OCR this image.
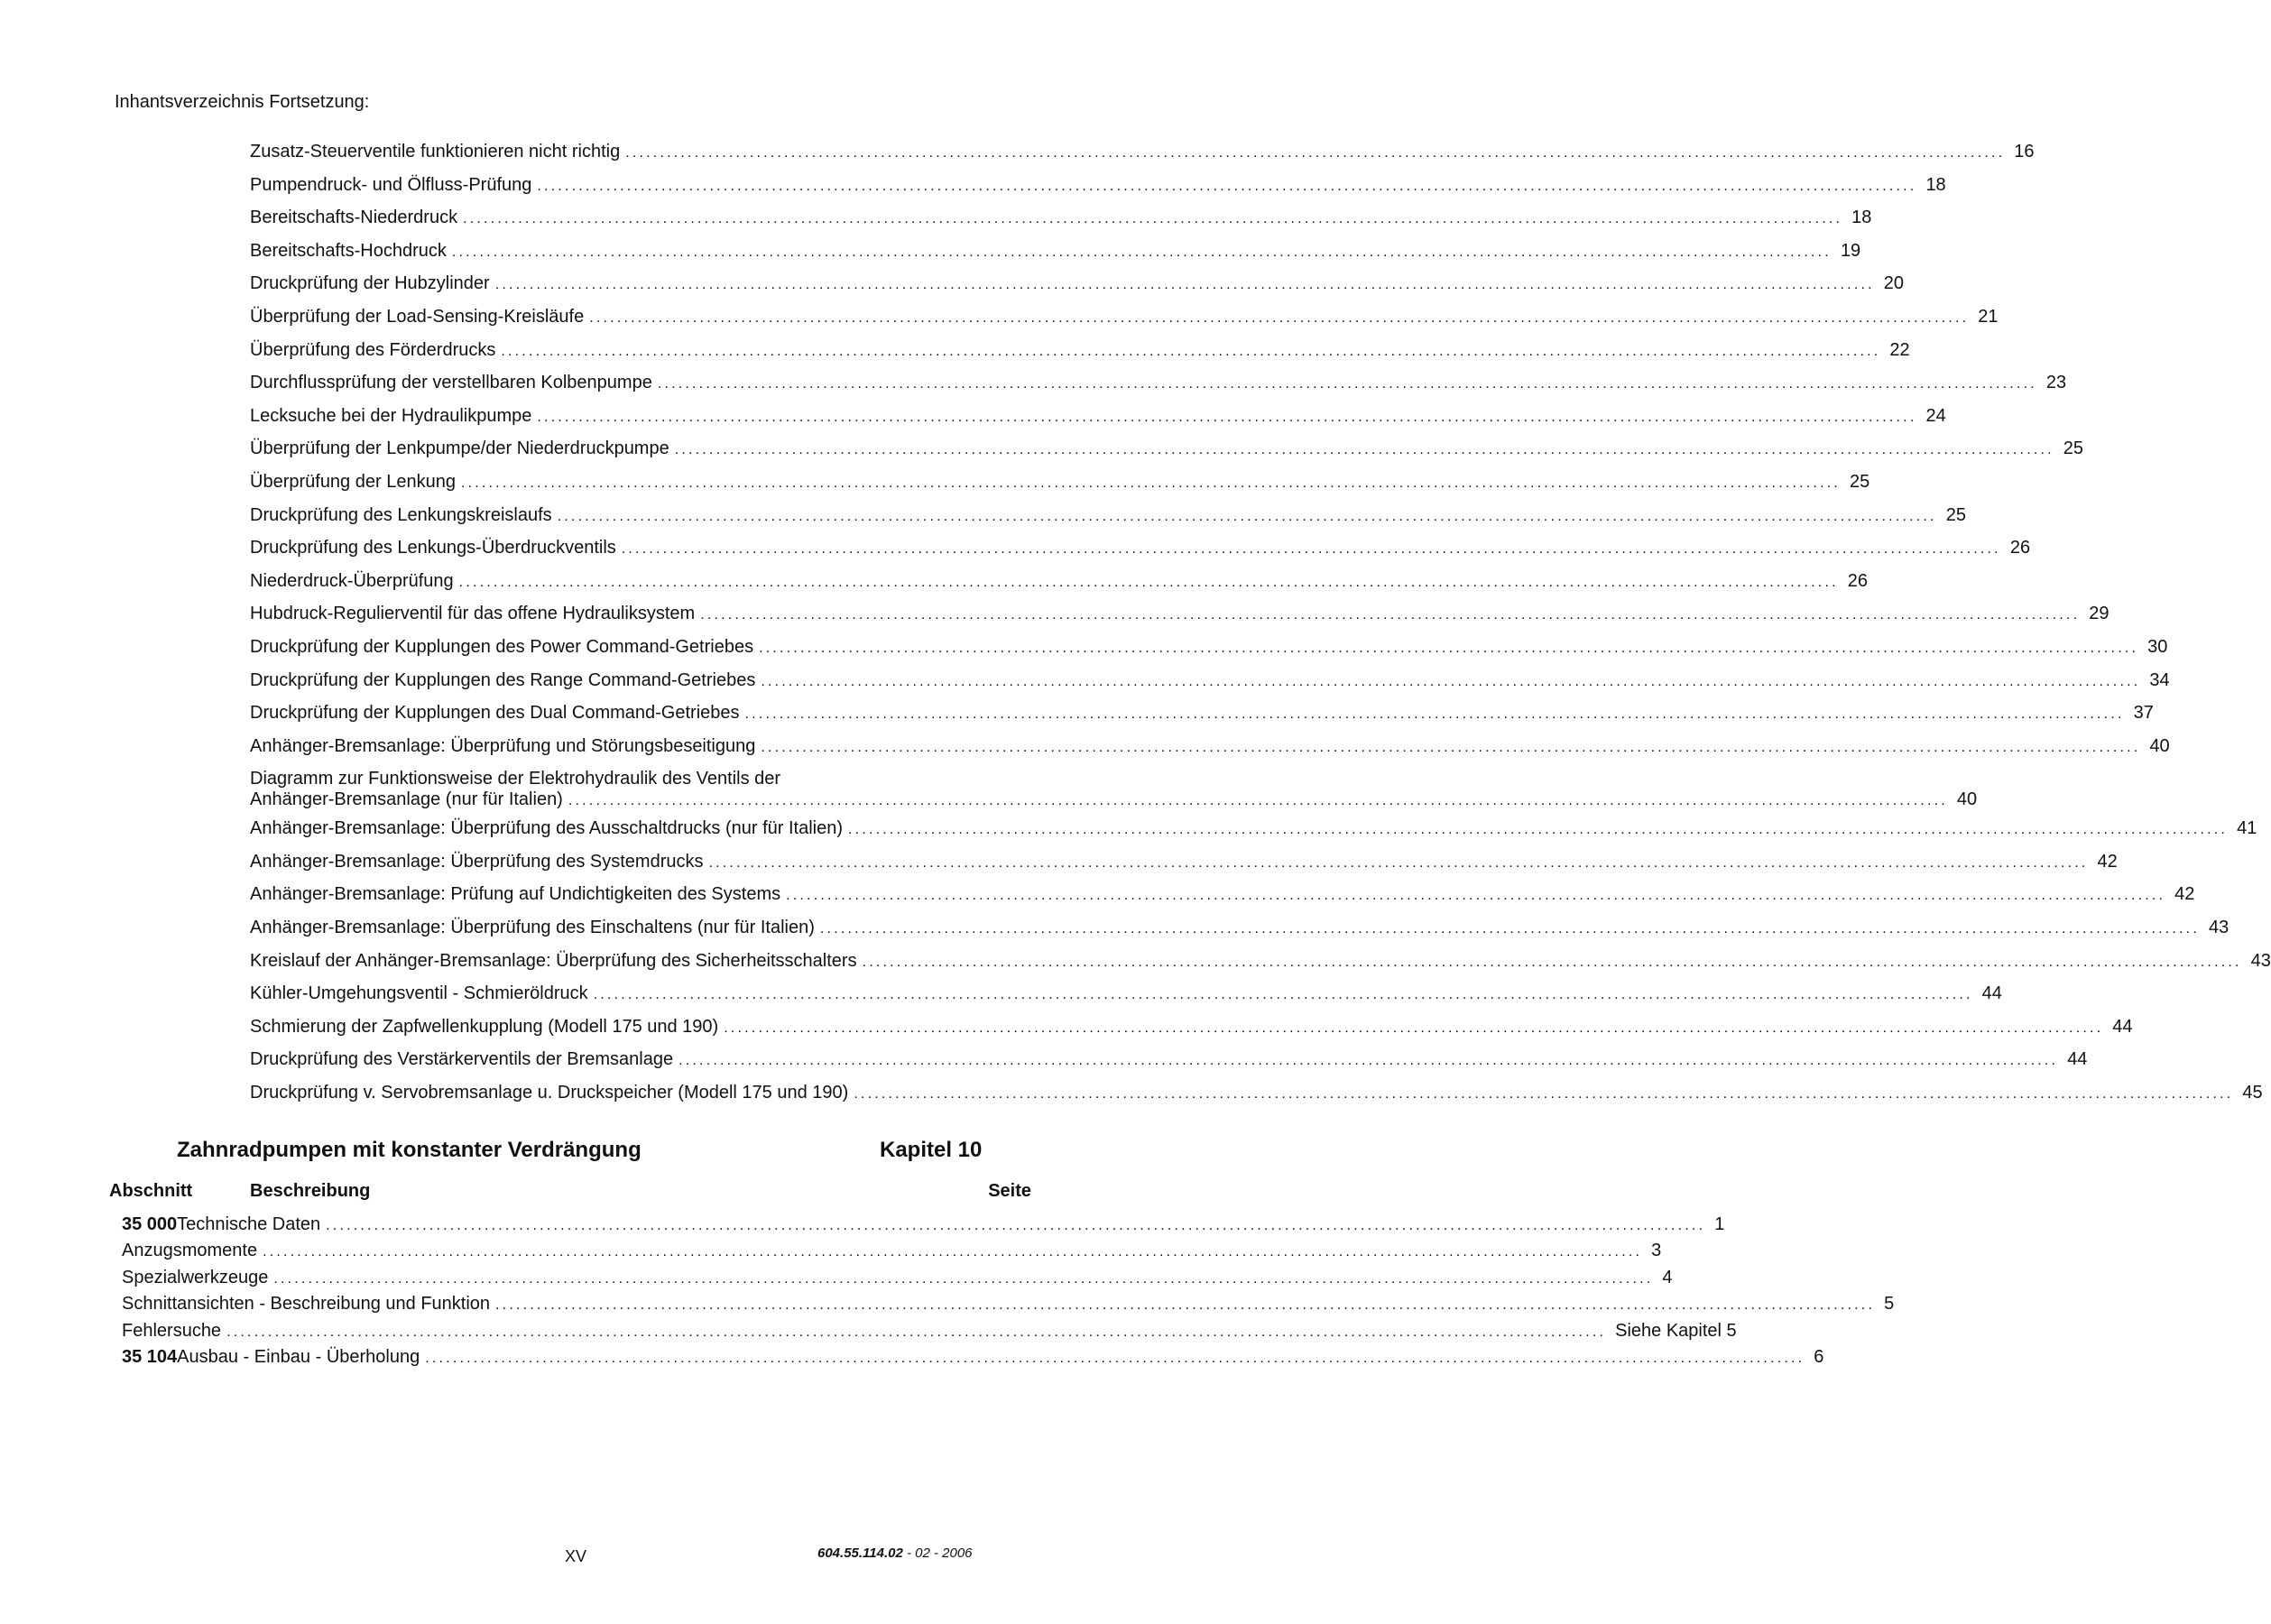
Inhantsverzeichnis Fortsetzung:
Zusatz-Steuerventile funktionieren nicht richtig ........................................................................................................................................................................................................ 16
Pumpendruck- und Ölfluss-Prüfung ........................................................................................................................................................................................................ 18
Bereitschafts-Niederdruck ........................................................................................................................................................................................................ 18
Bereitschafts-Hochdruck ........................................................................................................................................................................................................ 19
Druckprüfung der Hubzylinder ........................................................................................................................................................................................................ 20
Überprüfung der Load-Sensing-Kreisläufe ........................................................................................................................................................................................................ 21
Überprüfung des Förderdrucks ........................................................................................................................................................................................................ 22
Durchflussprüfung der verstellbaren Kolbenpumpe ........................................................................................................................................................................................................ 23
Lecksuche bei der Hydraulikpumpe ........................................................................................................................................................................................................ 24
Überprüfung der Lenkpumpe/der Niederdruckpumpe ........................................................................................................................................................................................................ 25
Überprüfung der Lenkung ........................................................................................................................................................................................................ 25
Druckprüfung des Lenkungskreislaufs ........................................................................................................................................................................................................ 25
Druckprüfung des Lenkungs-Überdruckventils ........................................................................................................................................................................................................ 26
Niederdruck-Überprüfung ........................................................................................................................................................................................................ 26
Hubdruck-Regulierventil für das offene Hydrauliksystem ........................................................................................................................................................................................................ 29
Druckprüfung der Kupplungen des Power Command-Getriebes ........................................................................................................................................................................................................ 30
Druckprüfung der Kupplungen des Range Command-Getriebes ........................................................................................................................................................................................................ 34
Druckprüfung der Kupplungen des Dual Command-Getriebes ........................................................................................................................................................................................................ 37
Anhänger-Bremsanlage: Überprüfung und Störungsbeseitigung ........................................................................................................................................................................................................ 40
Diagramm zur Funktionsweise der Elektrohydraulik des Ventils der
Anhänger-Bremsanlage (nur für Italien) ........................................................................................................................................................................................................ 40
Anhänger-Bremsanlage: Überprüfung des Ausschaltdrucks (nur für Italien) ........................................................................................................................................................................................................ 41
Anhänger-Bremsanlage: Überprüfung des Systemdrucks ........................................................................................................................................................................................................ 42
Anhänger-Bremsanlage: Prüfung auf Undichtigkeiten des Systems ........................................................................................................................................................................................................ 42
Anhänger-Bremsanlage: Überprüfung des Einschaltens (nur für Italien) ........................................................................................................................................................................................................ 43
Kreislauf der Anhänger-Bremsanlage: Überprüfung des Sicherheitsschalters ........................................................................................................................................................................................................ 43
Kühler-Umgehungsventil - Schmieröldruck ........................................................................................................................................................................................................ 44
Schmierung der Zapfwellenkupplung (Modell 175 und 190) ........................................................................................................................................................................................................ 44
Druckprüfung des Verstärkerventils der Bremsanlage ........................................................................................................................................................................................................ 44
Druckprüfung v. Servobremsanlage u. Druckspeicher (Modell 175 und 190) ........................................................................................................................................................................................................ 45
Zahnradpumpen mit konstanter Verdrängung	Kapitel 10
Abschnitt	Beschreibung	Seite
35 000 Technische Daten ........................................................................................................................................................................................................ 1
Anzugsmomente ........................................................................................................................................................................................................ 3
Spezialwerkzeuge ........................................................................................................................................................................................................ 4
Schnittansichten - Beschreibung und Funktion ........................................................................................................................................................................................................ 5
Fehlersuche ........................................................................................................................................................................................................ Siehe Kapitel 5
35 104 Ausbau - Einbau - Überholung ........................................................................................................................................................................................................ 6
XV	604.55.114.02 - 02 - 2006
